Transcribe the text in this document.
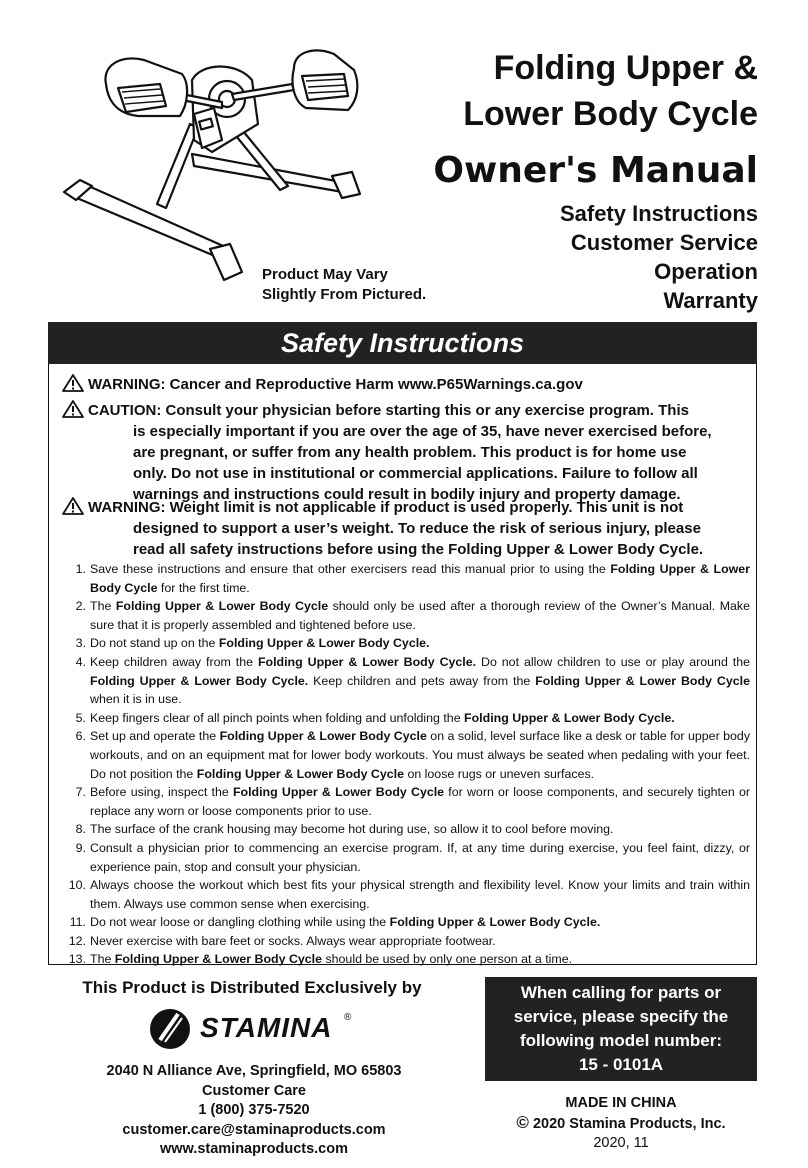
Folding Upper &
Lower Body Cycle
Owner's Manual
Safety Instructions
Customer Service
Operation
Warranty
Product May Vary
Slightly From Pictured.
Safety Instructions
WARNING: Cancer and Reproductive Harm www.P65Warnings.ca.gov
CAUTION: Consult your physician before starting this or any exercise program. This
is especially important if you are over the age of 35, have never exercised before,
are pregnant, or suffer from any health problem. This product is for home use
only. Do not use in institutional or commercial applications. Failure to follow all
warnings and instructions could result in bodily injury and property damage.
WARNING: Weight limit is not applicable if product is used properly. This unit is not
designed to support a user’s weight. To reduce the risk of serious injury, please
read all safety instructions before using the Folding Upper & Lower Body Cycle.
1. Save these instructions and ensure that other exercisers read this manual prior to using the Folding Upper & Lower Body Cycle for the first time.
2. The Folding Upper & Lower Body Cycle should only be used after a thorough review of the Owner’s Manual. Make sure that it is properly assembled and tightened before use.
3. Do not stand up on the Folding Upper & Lower Body Cycle.
4. Keep children away from the Folding Upper & Lower Body Cycle. Do not allow children to use or play around the Folding Upper & Lower Body Cycle. Keep children and pets away from the Folding Upper & Lower Body Cycle when it is in use.
5. Keep fingers clear of all pinch points when folding and unfolding the Folding Upper & Lower Body Cycle.
6. Set up and operate the Folding Upper & Lower Body Cycle on a solid, level surface like a desk or table for upper body workouts, and on an equipment mat for lower body workouts. You must always be seated when pedaling with your feet. Do not position the Folding Upper & Lower Body Cycle on loose rugs or uneven surfaces.
7. Before using, inspect the Folding Upper & Lower Body Cycle for worn or loose components, and securely tighten or replace any worn or loose components prior to use.
8. The surface of the crank housing may become hot during use, so allow it to cool before moving.
9. Consult a physician prior to commencing an exercise program. If, at any time during exercise, you feel faint, dizzy, or experience pain, stop and consult your physician.
10. Always choose the workout which best fits your physical strength and flexibility level. Know your limits and train within them. Always use common sense when exercising.
11. Do not wear loose or dangling clothing while using the Folding Upper & Lower Body Cycle.
12. Never exercise with bare feet or socks. Always wear appropriate footwear.
13. The Folding Upper & Lower Body Cycle should be used by only one person at a time.
This Product is Distributed Exclusively by
STAMINA ®
2040 N Alliance Ave, Springfield, MO 65803
Customer Care
1 (800) 375-7520
customer.care@staminaproducts.com
www.staminaproducts.com
When calling for parts or
service, please specify the
following model number:
15 - 0101A
MADE IN CHINA
© 2020 Stamina Products, Inc.
2020, 11
